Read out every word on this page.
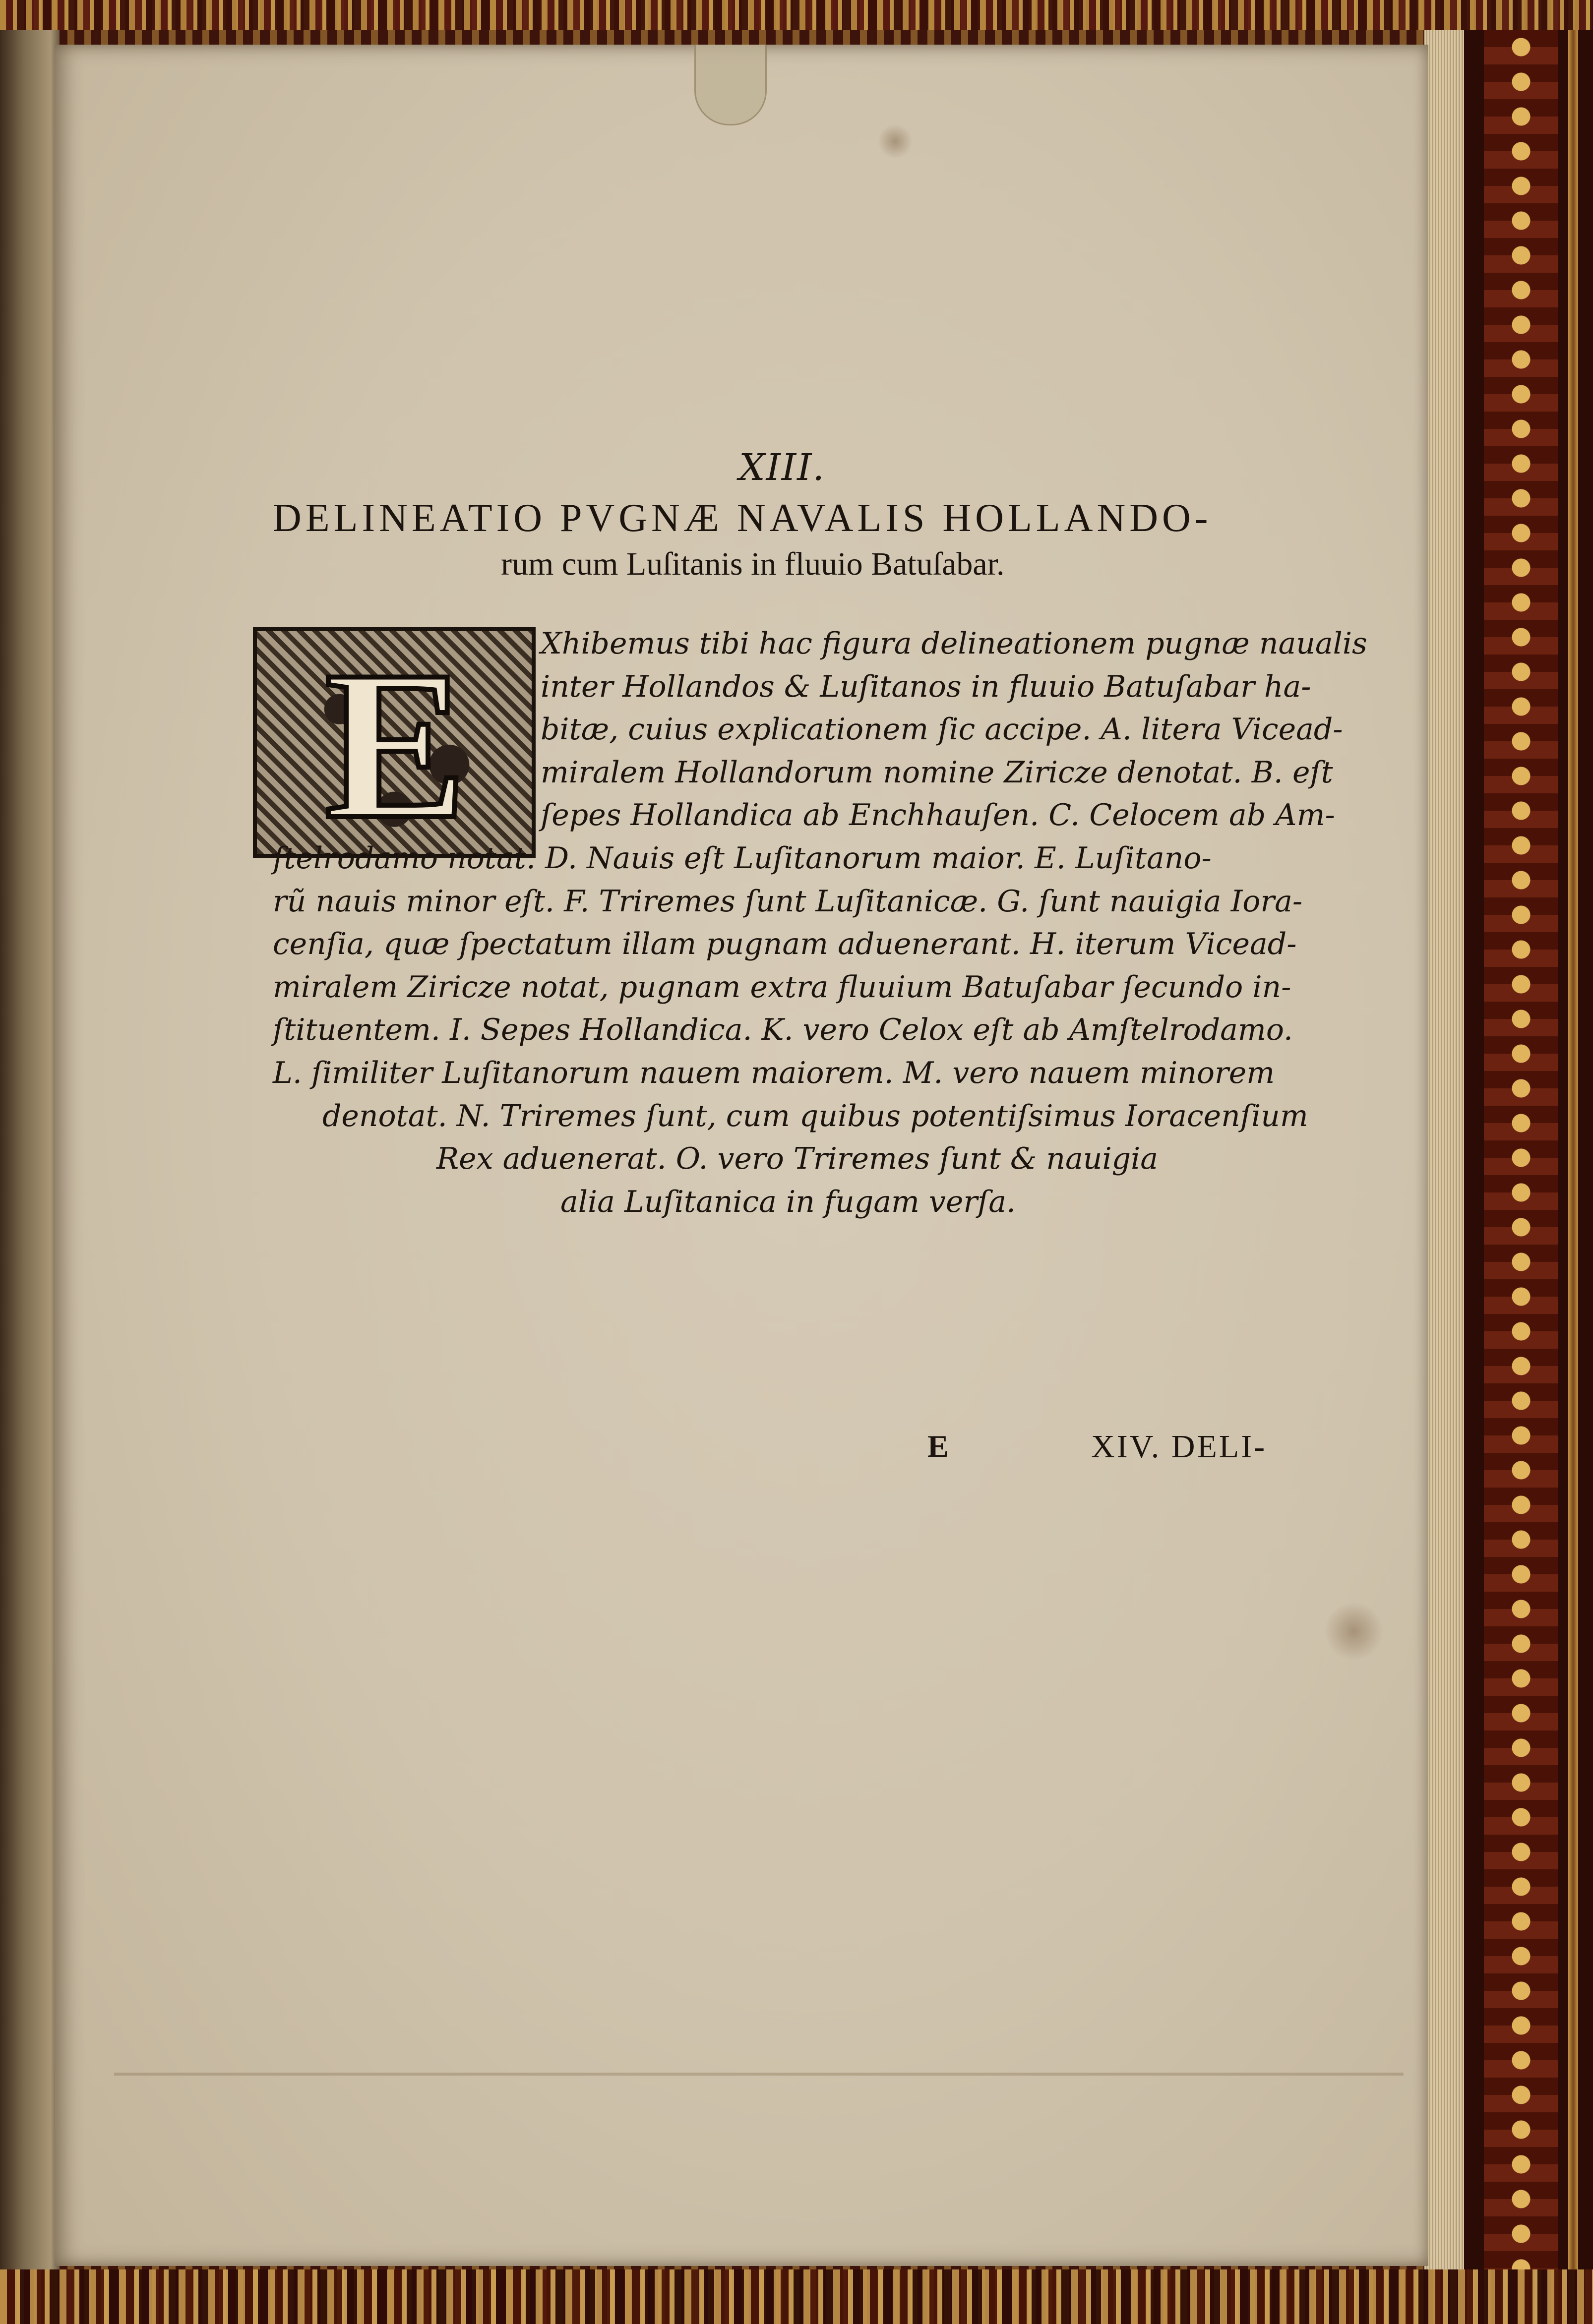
XIII.
DELINEATIO PVGNÆ NAVALIS HOLLANDO-
rum cum Luſitanis in fluuio Batuſabar.
E	Xhibemus tibi hac figura delineationem pugnæ naualis
inter Hollandos & Luſitanos in fluuio Batuſabar ha-
bitæ, cuius explicationem ſic accipe. A. litera Vicead-
miralem Hollandorum nomine Ziricze denotat. B. eſt
ſepes Hollandica ab Enchhauſen. C. Celocem ab Am-
ſtelrodamo notat. D. Nauis eſt Luſitanorum maior. E. Luſitano-
rũ nauis minor eſt. F. Triremes ſunt Luſitanicæ. G. ſunt nauigia Iora-
cenſia, quæ ſpectatum illam pugnam aduenerant. H. iterum Vicead-
miralem Ziricze notat, pugnam extra fluuium Batuſabar ſecundo in-
ſtituentem. I. Sepes Hollandica. K. vero Celox eſt ab Amſtelrodamo.
L. ſimiliter Luſitanorum nauem maiorem. M. vero nauem minorem
denotat. N. Triremes ſunt, cum quibus potentiſsimus Ioracenſium
Rex aduenerat. O. vero Triremes ſunt & nauigia
alia Luſitanica in fugam verſa.
E	XIV. DELI-
